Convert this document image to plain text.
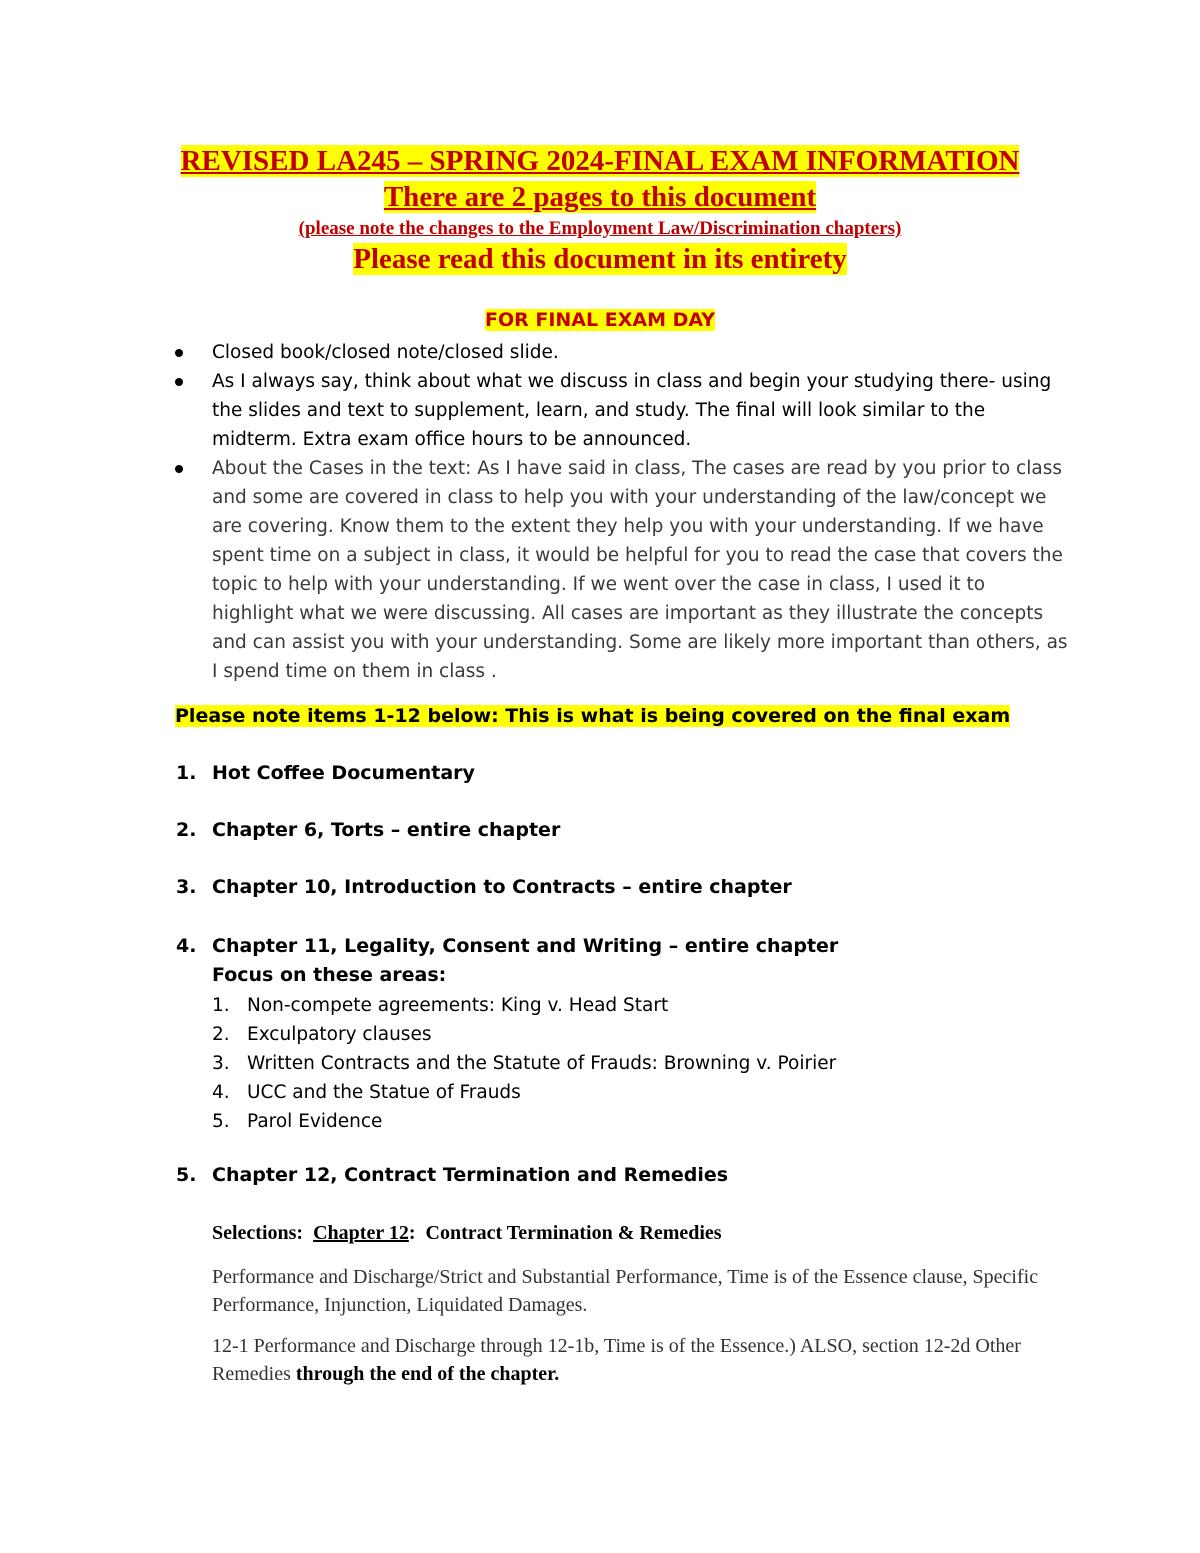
REVISED LA245 – SPRING 2024-FINAL EXAM INFORMATION
There are 2 pages to this document
(please note the changes to the Employment Law/Discrimination chapters)
Please read this document in its entirety
FOR FINAL EXAM DAY
Closed book/closed note/closed slide.
As I always say, think about what we discuss in class and begin your studying there- using the slides and text to supplement, learn, and study. The final will look similar to the midterm. Extra exam office hours to be announced.
About the Cases in the text: As I have said in class, The cases are read by you prior to class and some are covered in class to help you with your understanding of the law/concept we are covering. Know them to the extent they help you with your understanding. If we have spent time on a subject in class, it would be helpful for you to read the case that covers the topic to help with your understanding. If we went over the case in class, I used it to highlight what we were discussing. All cases are important as they illustrate the concepts and can assist you with your understanding. Some are likely more important than others, as I spend time on them in class .
Please note items 1-12 below: This is what is being covered on the final exam
1. Hot Coffee Documentary
2. Chapter 6, Torts – entire chapter
3. Chapter 10, Introduction to Contracts – entire chapter
4. Chapter 11, Legality, Consent and Writing – entire chapter
Focus on these areas:
1. Non-compete agreements: King v. Head Start
2. Exculpatory clauses
3. Written Contracts and the Statute of Frauds: Browning v. Poirier
4. UCC and the Statue of Frauds
5. Parol Evidence
5. Chapter 12, Contract Termination and Remedies
Selections: Chapter 12: Contract Termination & Remedies
Performance and Discharge/Strict and Substantial Performance, Time is of the Essence clause, Specific Performance, Injunction, Liquidated Damages.
12-1 Performance and Discharge through 12-1b, Time is of the Essence.) ALSO, section 12-2d Other Remedies through the end of the chapter.
